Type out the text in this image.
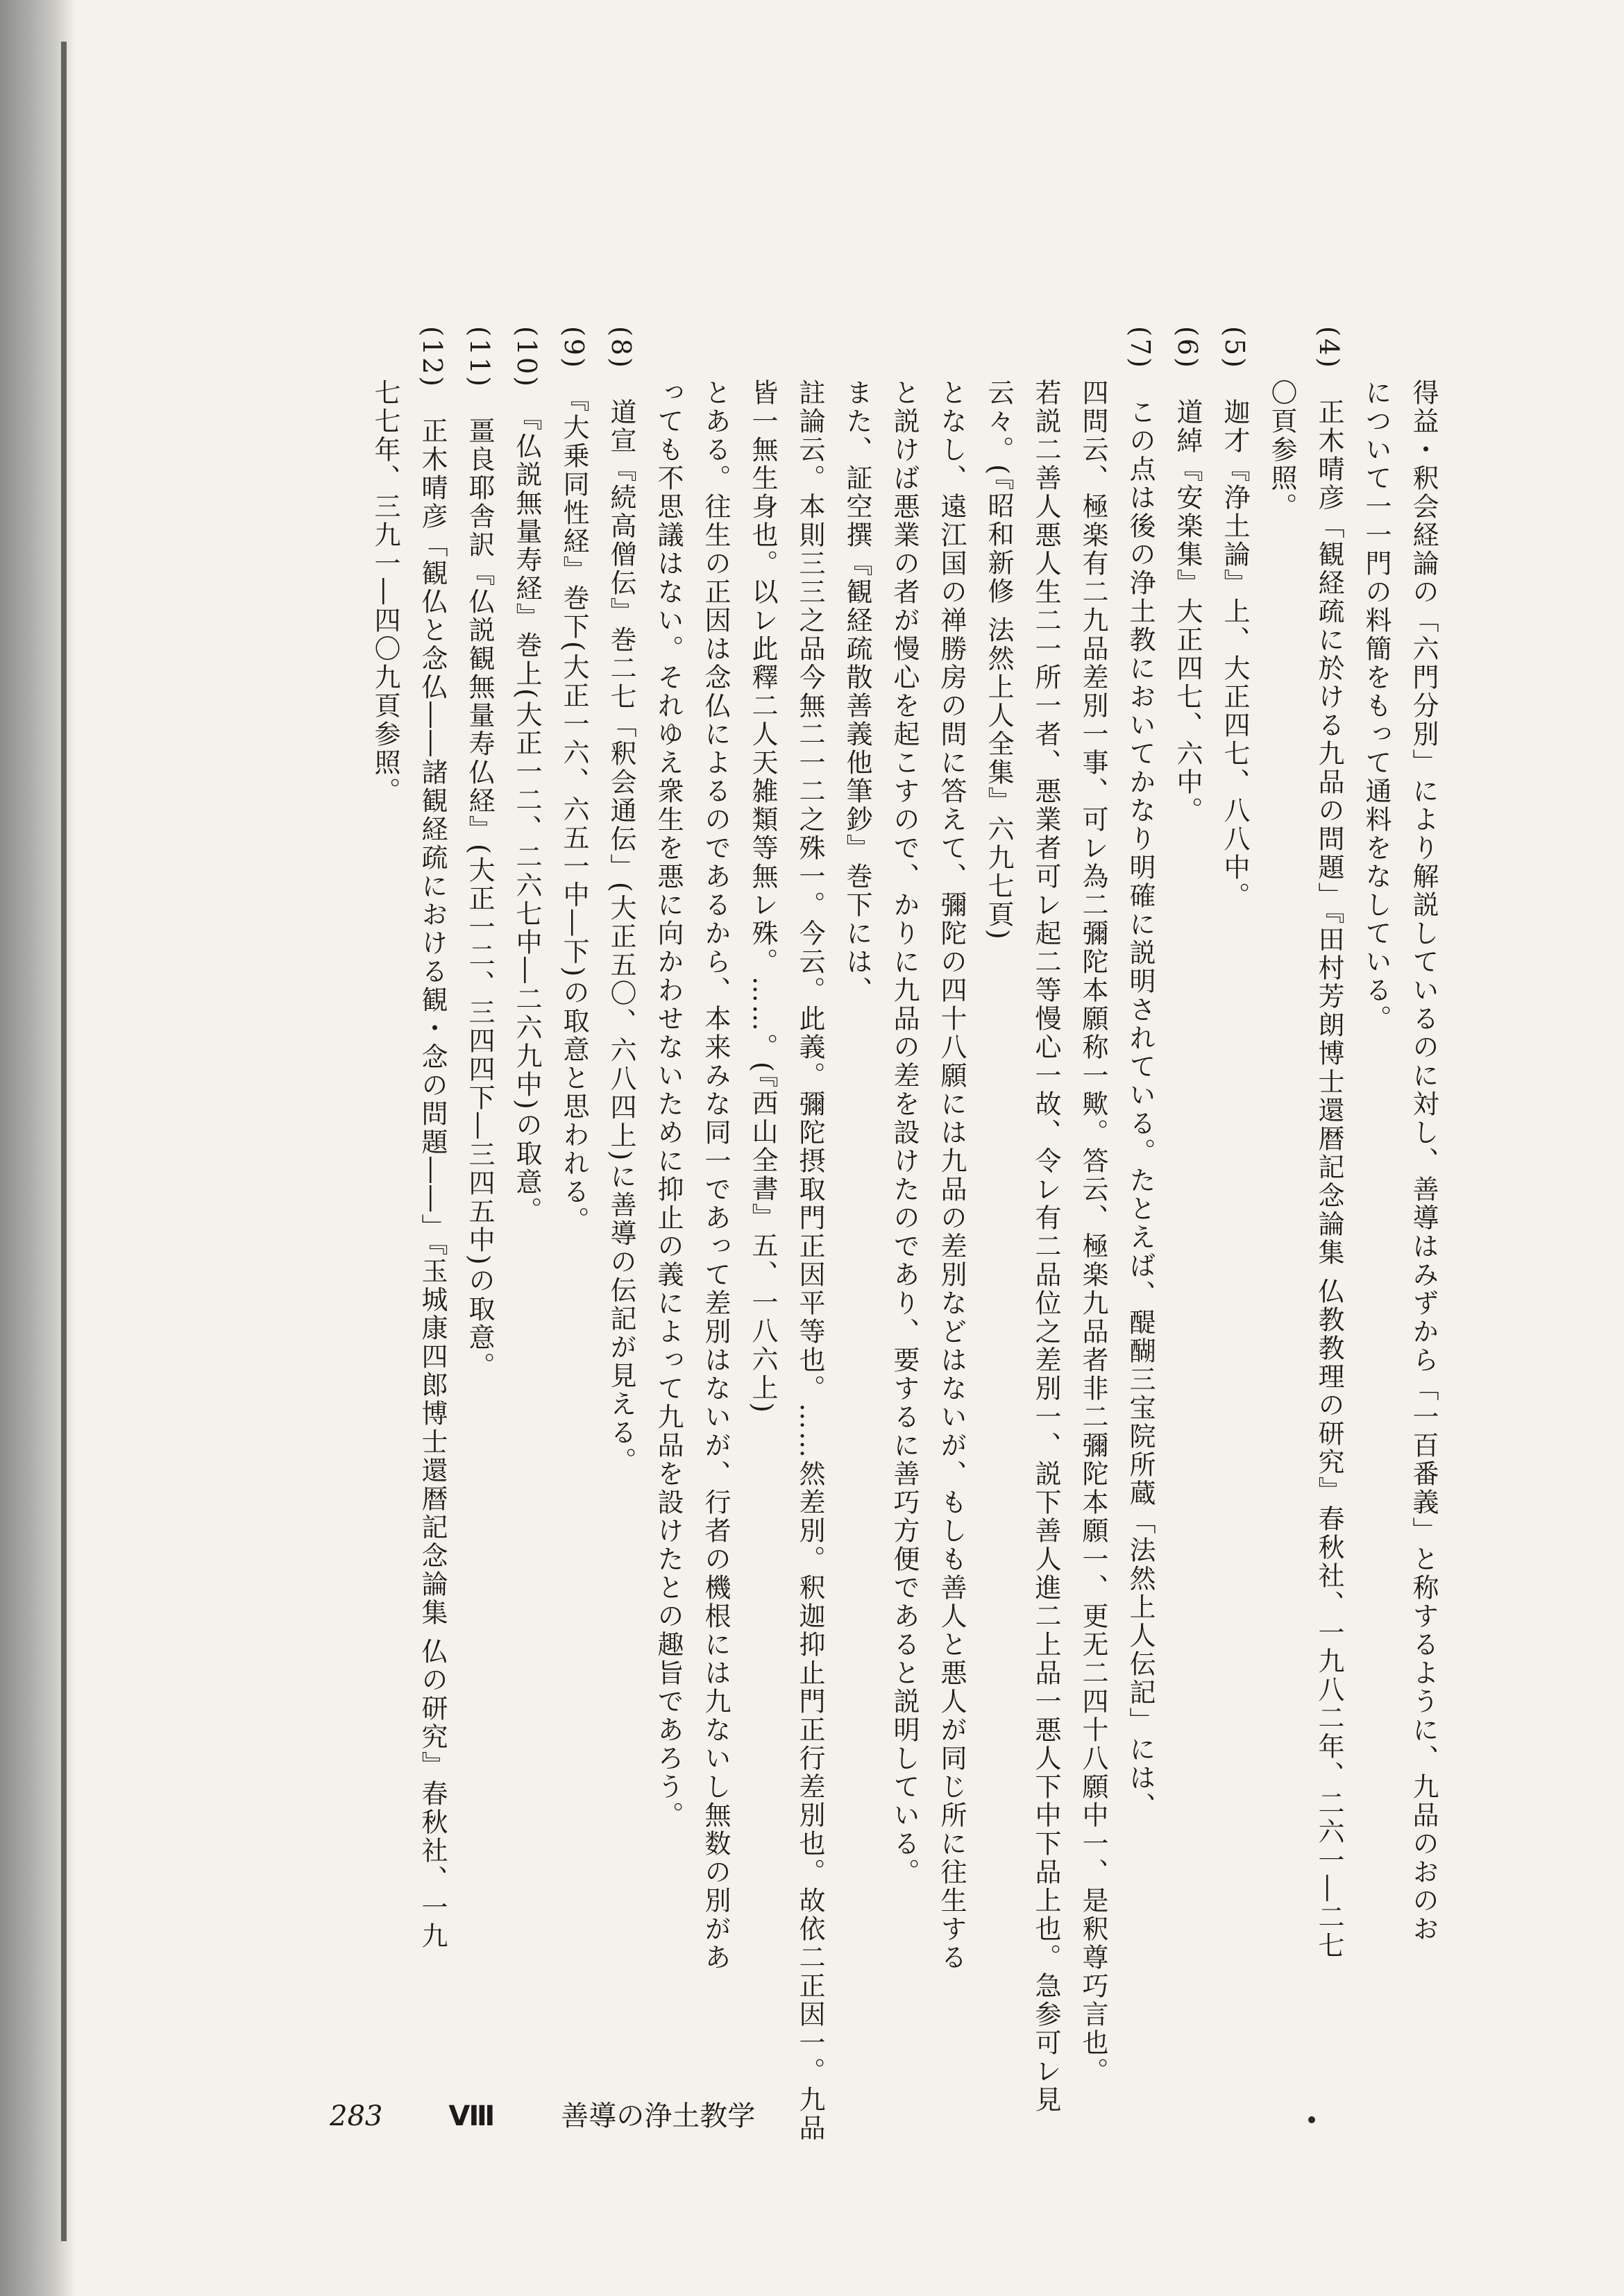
得益・釈会経論の「六門分別」により解説しているのに対し、善導はみずから「一百番義」と称するように、九品のおのお

について一一門の料簡をもって通料をなしている。

(4)　正木晴彦「観経疏に於ける九品の問題」『田村芳朗博士還暦記念論集 仏教教理の研究』春秋社、一九八二年、二六一―二七

〇頁参照。

(5)　迦才『浄土論』上、大正四七、八八中。

(6)　道綽『安楽集』大正四七、六中。

(7)　この点は後の浄土教においてかなり明確に説明されている。たとえば、醍醐三宝院所蔵「法然上人伝記」には、

四問云、極楽有二九品差別一事、可レ為二彌陀本願称一歟。答云、極楽九品者非二彌陀本願一、更无二四十八願中一、是釈尊巧言也。

若説二善人悪人生二一所一者、悪業者可レ起二等慢心一故、令レ有二品位之差別一、説下善人進二上品一悪人下中下品上也。急参可レ見

云々。(『昭和新修 法然上人全集』六九七頁)

となし、遠江国の禅勝房の問に答えて、彌陀の四十八願には九品の差別などはないが、もしも善人と悪人が同じ所に往生する

と説けば悪業の者が慢心を起こすので、かりに九品の差を設けたのであり、要するに善巧方便であると説明している。

また、証空撰『観経疏散善義他筆鈔』巻下には、

註論云。本則三三之品今無二一二之殊一。今云。此義。彌陀摂取門正因平等也。……然差別。釈迦抑止門正行差別也。故依二正因一。九品

皆一無生身也。以レ此釋二人天雑類等無レ殊。……。(『西山全書』五、一八六上)

とある。往生の正因は念仏によるのであるから、本来みな同一であって差別はないが、行者の機根には九ないし無数の別があ

っても不思議はない。それゆえ衆生を悪に向かわせないために抑止の義によって九品を設けたとの趣旨であろう。

(8)　道宣『続高僧伝』巻二七「釈会通伝」(大正五〇、六八四上)に善導の伝記が見える。

(9)　『大乗同性経』巻下(大正一六、六五一中―下)の取意と思われる。

(10)　『仏説無量寿経』巻上(大正一二、二六七中―二六九中)の取意。

(11)　畺良耶舎訳『仏説観無量寿仏経』(大正一二、三四四下―三四五中)の取意。

(12)　正木晴彦「観仏と念仏――諸観経疏における観・念の問題――」『玉城康四郎博士還暦記念論集 仏の研究』春秋社、一九

七七年、三九一―四〇九頁参照。

283 Ⅷ 善導の浄土教学
